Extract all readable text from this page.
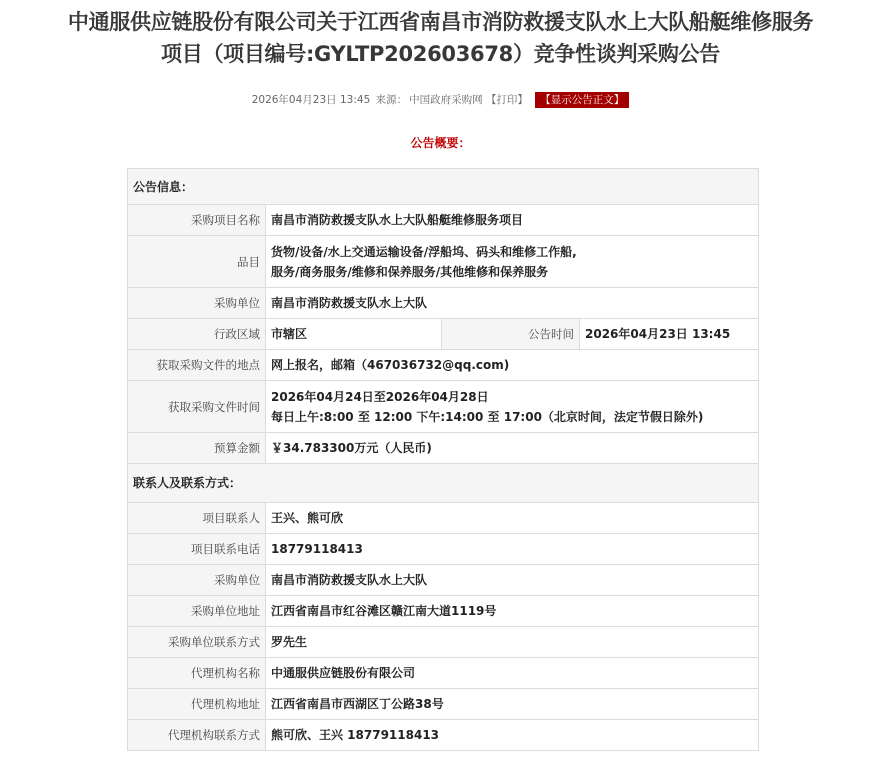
中通服供应链股份有限公司关于江西省南昌市消防救援支队水上大队船艇维修服务
项目（项目编号:GYLTP202603678）竞争性谈判采购公告
2026年04月23日 13:45 来源： 中国政府采购网 【打印】 【显示公告正文】
公告概要：
公告信息：			
采购项目名称	南昌市消防救援支队水上大队船艇维修服务项目		
品目	货物/设备/水上交通运输设备/浮船坞、码头和维修工作船,
服务/商务服务/维修和保养服务/其他维修和保养服务		

采购单位	南昌市消防救援支队水上大队		
行政区域	市辖区	公告时间	2026年04月23日 13:45
获取采购文件的地点	网上报名，邮箱（467036732@qq.com)		
获取采购文件时间	2026年04月24日至2026年04月28日
每日上午:8:00 至 12:00 下午:14:00 至 17:00（北京时间，法定节假日除外)		

预算金额	￥34.783300万元（人民币)		
联系人及联系方式：			
项目联系人	王兴、熊可欣		
项目联系电话	18779118413		
采购单位	南昌市消防救援支队水上大队		
采购单位地址	江西省南昌市红谷滩区赣江南大道1119号		
采购单位联系方式	罗先生		
代理机构名称	中通服供应链股份有限公司		
代理机构地址	江西省南昌市西湖区丁公路38号		
代理机构联系方式	熊可欣、王兴 18779118413		
